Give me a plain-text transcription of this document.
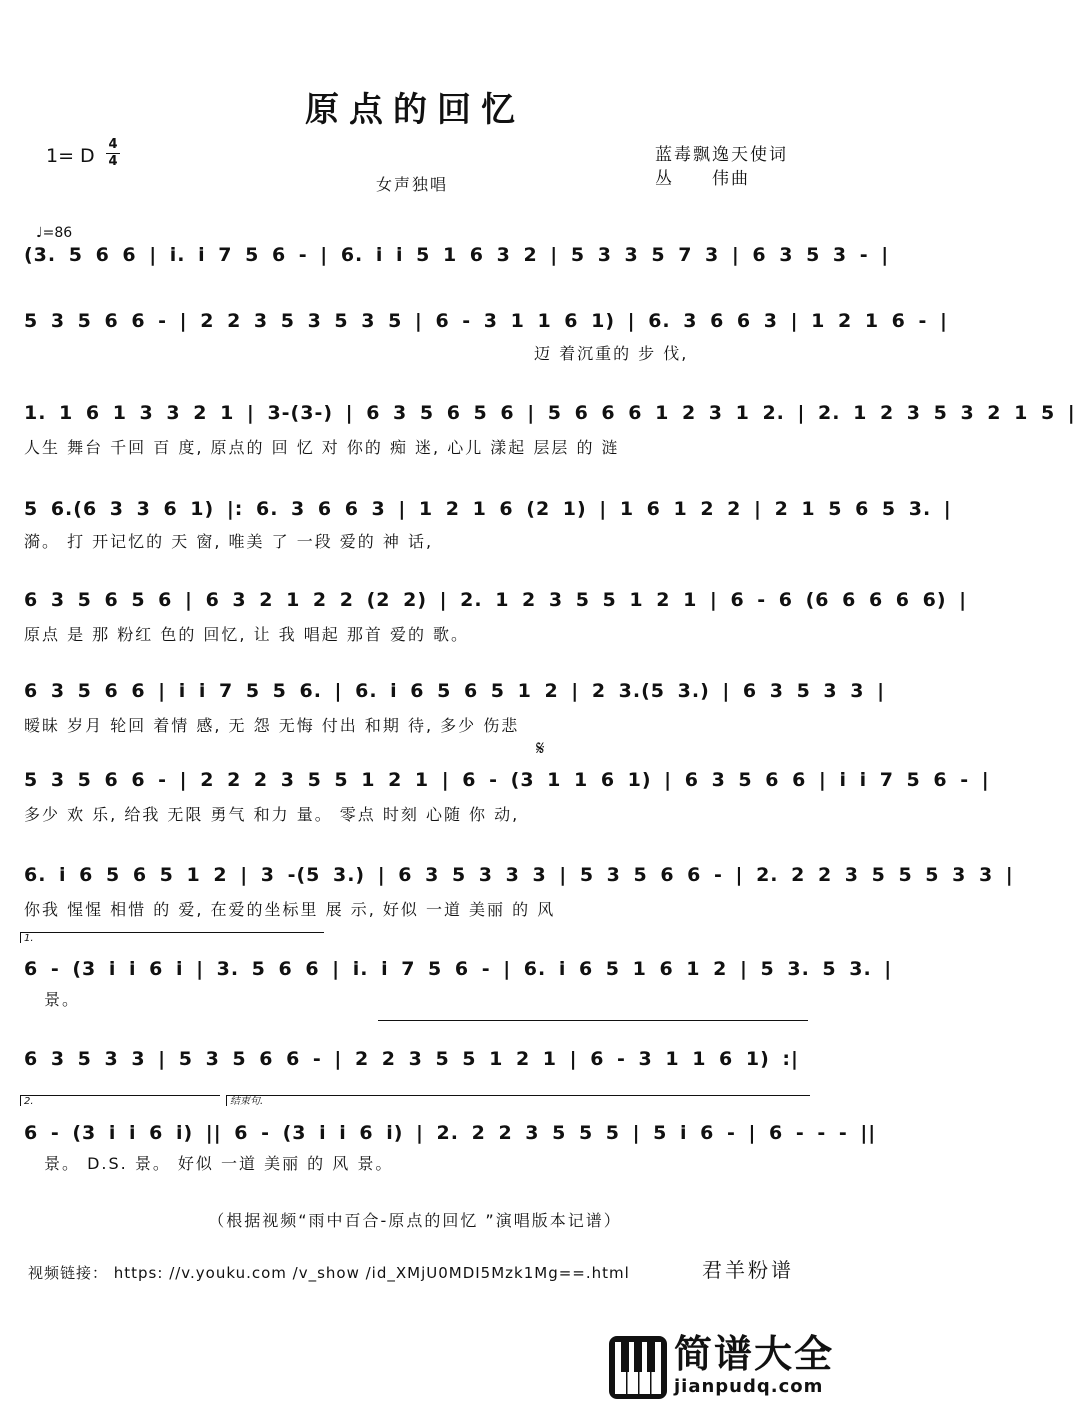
原点的回忆
1= D
4
4	蓝毒飘逸天使词
丛　　伟曲
女声独唱
♩=86
(3. 5 6 6 | i. i 7 5 6 - | 6. i i 5 1 6 3 2 | 5 3 3 5 7 3 | 6 3 5 3 - |
5 3 5 6 6 - | 2 2 3 5 3 5 3 5 | 6 - 3 1 1 6 1) | 6. 3 6 6 3 | 1 2 1 6 - |
迈 着沉重的 步 伐,
1. 1 6 1 3 3 2 1 | 3-(3-) | 6 3 5 6 5 6 | 5 6 6 6 1 2 3 1 2. | 2. 1 2 3 5 3 2 1 5 |
人生 舞台 千回 百 度, 原点的 回 忆 对 你的 痴 迷, 心儿 漾起 层层 的 涟
5 6.(6 3 3 6 1) |: 6. 3 6 6 3 | 1 2 1 6 (2 1) | 1 6 1 2 2 | 2 1 5 6 5 3. |
漪。 打 开记忆的 天 窗, 唯美 了 一段 爱的 神 话,
6 3 5 6 5 6 | 6 3 2 1 2 2 (2 2) | 2. 1 2 3 5 5 1 2 1 | 6 - 6 (6 6 6 6 6) |
原点 是 那 粉红 色的 回忆, 让 我 唱起 那首 爱的 歌。
6 3 5 6 6 | i i 7 5 5 6. | 6. i 6 5 6 5 1 2 | 2 3.(5 3.) | 6 3 5 3 3 |
暧昧 岁月 轮回 着情 感, 无 怨 无悔 付出 和期 待, 多少 伤悲
𝄋
5 3 5 6 6 - | 2 2 2 3 5 5 1 2 1 | 6 - (3 1 1 6 1) | 6 3 5 6 6 | i i 7 5 6 - |
多少 欢 乐, 给我 无限 勇气 和力 量。 零点 时刻 心随 你 动,
6. i 6 5 6 5 1 2 | 3 -(5 3.) | 6 3 5 3 3 3 | 5 3 5 6 6 - | 2. 2 2 3 5 5 5 3 3 |
你我 惺惺 相惜 的 爱, 在爱的坐标里 展 示, 好似 一道 美丽 的 风
1.
6 - (3 i i 6 i | 3. 5 6 6 | i. i 7 5 6 - | 6. i 6 5 1 6 1 2 | 5 3. 5 3. |
景。
6 3 5 3 3 | 5 3 5 6 6 - | 2 2 3 5 5 1 2 1 | 6 - 3 1 1 6 1) :|
2.	结束句.
6 - (3 i i 6 i) || 6 - (3 i i 6 i) | 2. 2 2 3 5 5 5 | 5 i 6 - | 6 - - - ||
景。 D.S. 景。 好似 一道 美丽 的 风 景。
（根据视频“雨中百合-原点的回忆 ”演唱版本记谱）
视频链接： https: //v.youku.com /v_show /id_XMjU0MDI5Mzk1Mg==.html	君羊粉谱
简谱大全
jianpudq.com
